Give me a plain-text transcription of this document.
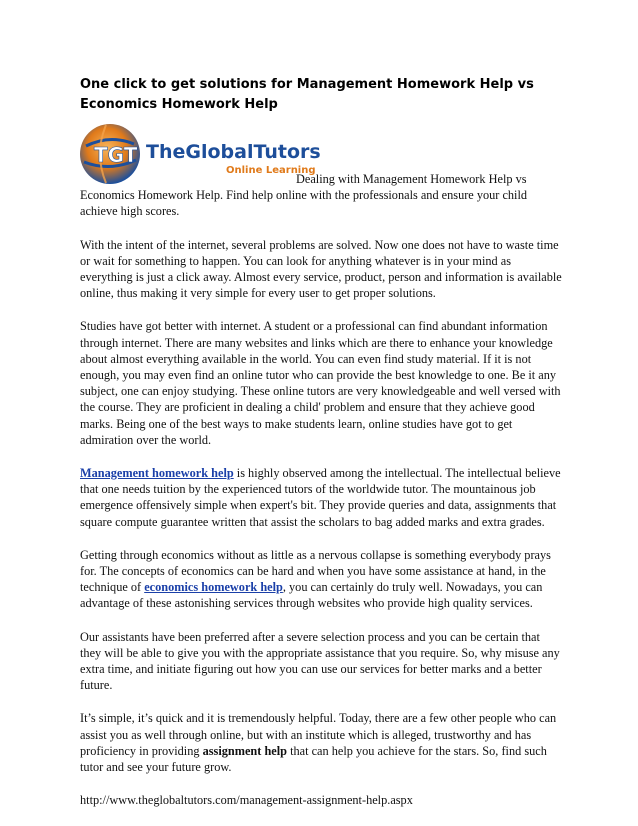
One click to get solutions for Management Homework Help vs Economics Homework Help
TGT TheGlobalTutors
Online Learning

Dealing with Management Homework Help vs
Economics Homework Help. Find help online with the professionals and ensure your child achieve high scores.

With the intent of the internet, several problems are solved. Now one does not have to waste time or wait for something to happen. You can look for anything whatever is in your mind as everything is just a click away. Almost every service, product, person and information is available online, thus making it very simple for every user to get proper solutions.

Studies have got better with internet. A student or a professional can find abundant information through internet. There are many websites and links which are there to enhance your knowledge about almost everything available in the world. You can even find study material. If it is not enough, you may even find an online tutor who can provide the best knowledge to one. Be it any subject, one can enjoy studying. These online tutors are very knowledgeable and well versed with the course. They are proficient in dealing a child' problem and ensure that they achieve good marks. Being one of the best ways to make students learn, online studies have got to get admiration over the world.

Management homework help is highly observed among the intellectual. The intellectual believe that one needs tuition by the experienced tutors of the worldwide tutor. The mountainous job emergence offensively simple when expert's bit. They provide queries and data, assignments that square compute guarantee written that assist the scholars to bag added marks and extra grades.

Getting through economics without as little as a nervous collapse is something everybody prays for. The concepts of economics can be hard and when you have some assistance at hand, in the technique of economics homework help, you can certainly do truly well. Nowadays, you can advantage of these astonishing services through websites who provide high quality services.

Our assistants have been preferred after a severe selection process and you can be certain that they will be able to give you with the appropriate assistance that you require. So, why misuse any extra time, and initiate figuring out how you can use our services for better marks and a better future.

It’s simple, it’s quick and it is tremendously helpful. Today, there are a few other people who can assist you as well through online, but with an institute which is alleged, trustworthy and has proficiency in providing assignment help that can help you achieve for the stars. So, find such tutor and see your future grow.

http://www.theglobaltutors.com/management-assignment-help.aspx
